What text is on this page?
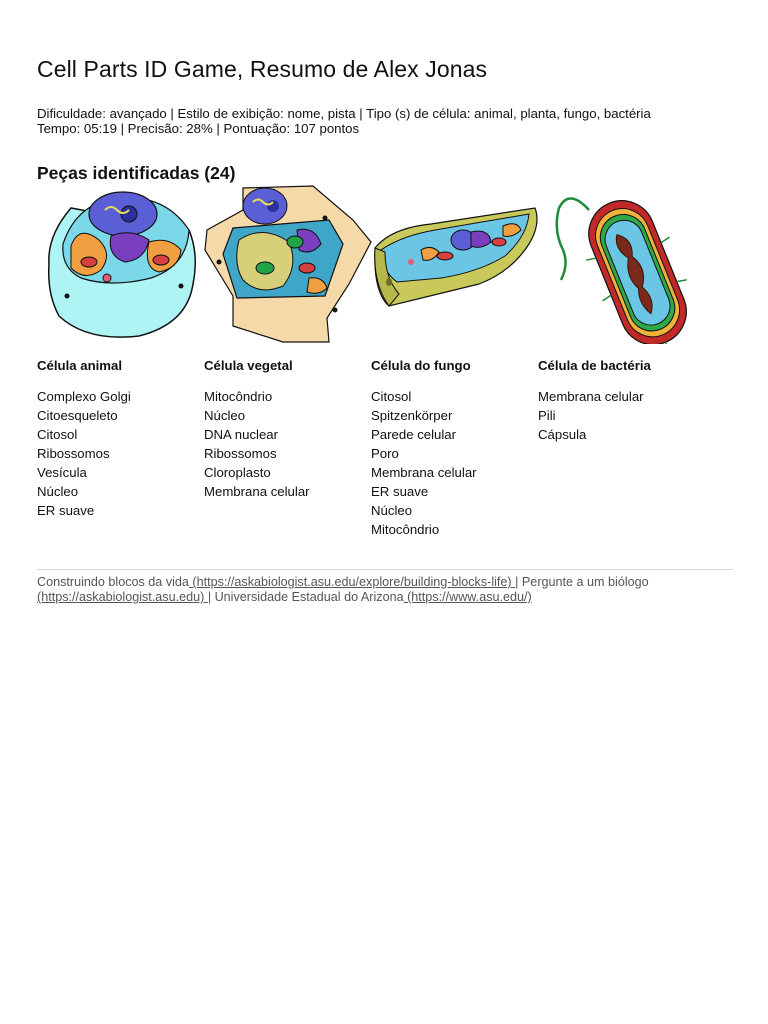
Cell Parts ID Game, Resumo de Alex Jonas
Dificuldade: avançado | Estilo de exibição: nome, pista | Tipo (s) de célula: animal, planta, fungo, bactéria
Tempo: 05:19 | Precisão: 28% | Pontuação: 107 pontos
Peças identificadas (24)
Célula animal
Complexo Golgi
Citoesqueleto
Citosol
Ribossomos
Vesícula
Núcleo
ER suave
Célula vegetal
Mitocôndrio
Núcleo
DNA nuclear
Ribossomos
Cloroplasto
Membrana celular
Célula do fungo
Citosol
Spitzenkörper
Parede celular
Poro
Membrana celular
ER suave
Núcleo
Mitocôndrio
Célula de bactéria
Membrana celular
Pili
Cápsula
Construindo blocos da vida (https://askabiologist.asu.edu/explore/building-blocks-life) | Pergunte a um biólogo
(https://askabiologist.asu.edu) | Universidade Estadual do Arizona (https://www.asu.edu/)
